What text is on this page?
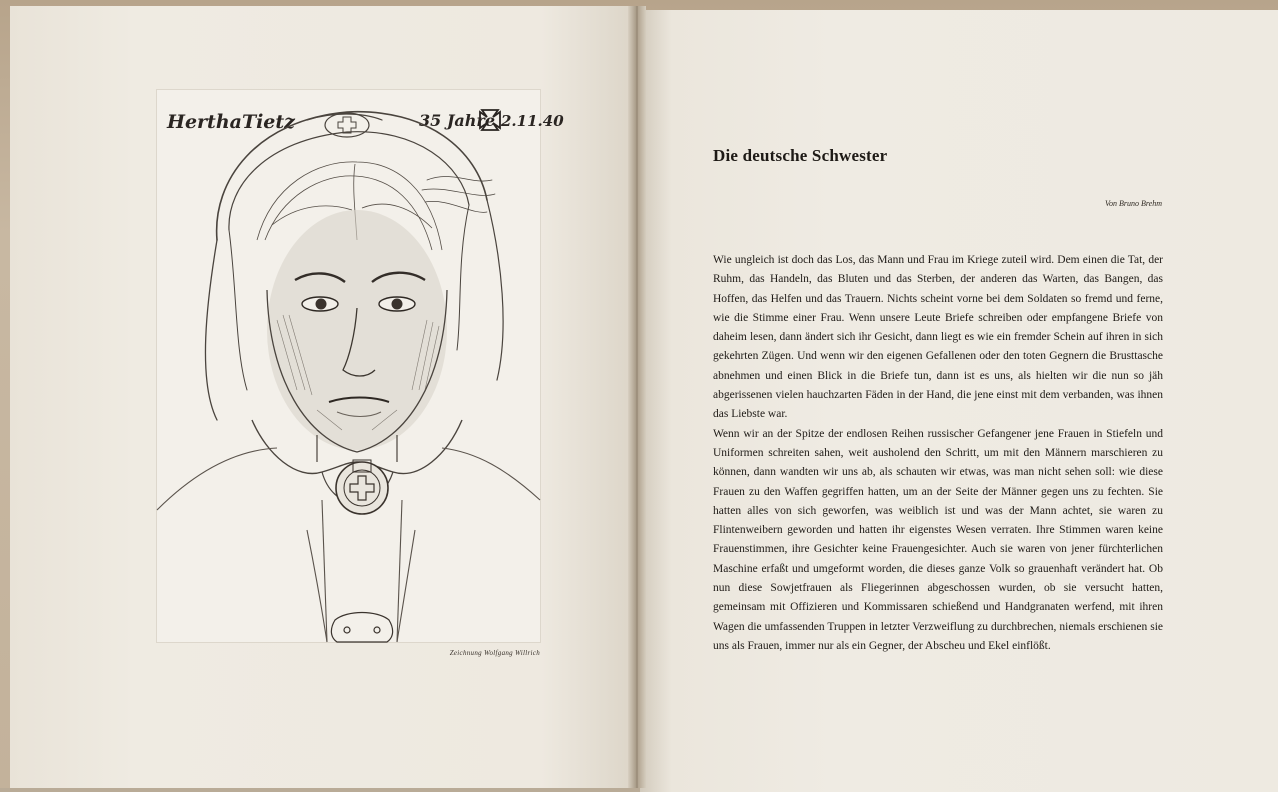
HerthaTietz	35 Jahre 2.11.40
Zeichnung Wolfgang Willrich
Die deutsche Schwester
Von Bruno Brehm

Wie ungleich ist doch das Los, das Mann und Frau im Kriege zuteil wird. Dem einen die Tat, der Ruhm, das Handeln, das Bluten und das Sterben, der anderen das Warten, das Bangen, das Hoffen, das Helfen und das Trauern. Nichts scheint vorne bei dem Soldaten so fremd und ferne, wie die Stimme einer Frau. Wenn unsere Leute Briefe schreiben oder empfangene Briefe von daheim lesen, dann ändert sich ihr Gesicht, dann liegt es wie ein fremder Schein auf ihren in sich gekehrten Zügen. Und wenn wir den eigenen Gefallenen oder den toten Gegnern die Brusttasche abnehmen und einen Blick in die Briefe tun, dann ist es uns, als hielten wir die nun so jäh abgerissenen vielen hauchzarten Fäden in der Hand, die jene einst mit dem verbanden, was ihnen das Liebste war.

Wenn wir an der Spitze der endlosen Reihen russischer Gefangener jene Frauen in Stiefeln und Uniformen schreiten sahen, weit ausholend den Schritt, um mit den Männern marschieren zu können, dann wandten wir uns ab, als schauten wir etwas, was man nicht sehen soll: wie diese Frauen zu den Waffen gegriffen hatten, um an der Seite der Männer gegen uns zu fechten. Sie hatten alles von sich geworfen, was weiblich ist und was der Mann achtet, sie waren zu Flintenweibern geworden und hatten ihr eigenstes Wesen verraten. Ihre Stimmen waren keine Frauenstimmen, ihre Gesichter keine Frauengesichter. Auch sie waren von jener fürchterlichen Maschine erfaßt und umgeformt worden, die dieses ganze Volk so grauenhaft verändert hat. Ob nun diese Sowjetfrauen als Fliegerinnen abgeschossen wurden, ob sie versucht hatten, gemeinsam mit Offizieren und Kommissaren schießend und Handgranaten werfend, mit ihren Wagen die umfassenden Truppen in letzter Verzweiflung zu durchbrechen, niemals erschienen sie uns als Frauen, immer nur als ein Gegner, der Abscheu und Ekel einflößt.
